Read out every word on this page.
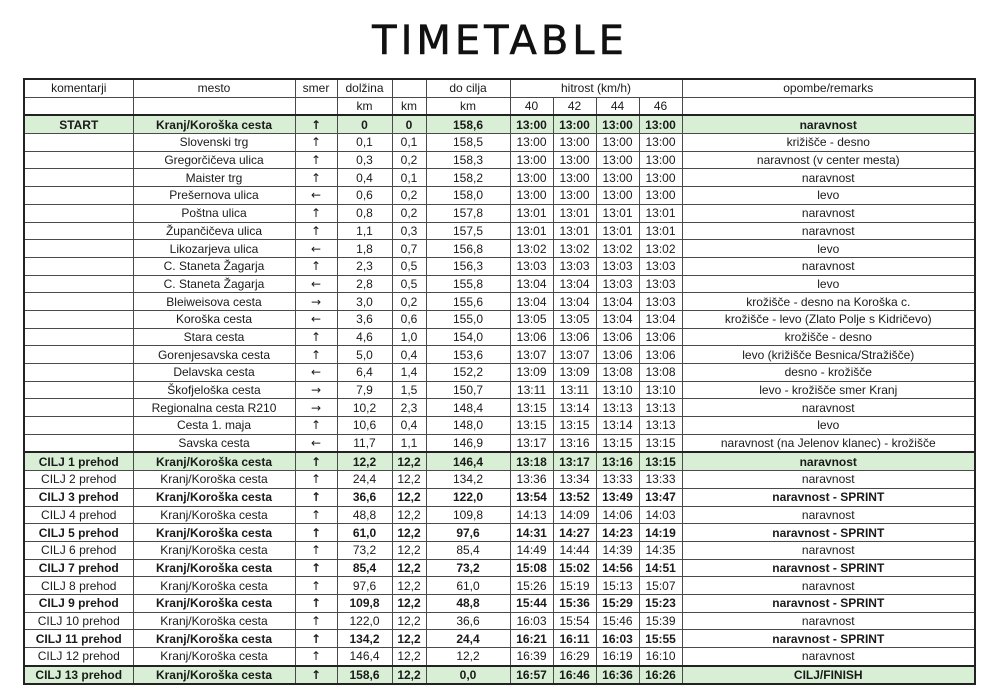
TIMETABLE
komentarji	mesto	smer	dolžina		do cilja	hitrost (km/h)				opombe/remarks
			km	km	km	40	42	44	46	
START	Kranj/Koroška cesta	↑	0	0	158,6	13:00	13:00	13:00	13:00	naravnost
	Slovenski trg	↑	0,1	0,1	158,5	13:00	13:00	13:00	13:00	križišče - desno
	Gregorčičeva ulica	↑	0,3	0,2	158,3	13:00	13:00	13:00	13:00	naravnost (v center mesta)
	Maister trg	↑	0,4	0,1	158,2	13:00	13:00	13:00	13:00	naravnost
	Prešernova ulica	←	0,6	0,2	158,0	13:00	13:00	13:00	13:00	levo
	Poštna ulica	↑	0,8	0,2	157,8	13:01	13:01	13:01	13:01	naravnost
	Župančičeva ulica	↑	1,1	0,3	157,5	13:01	13:01	13:01	13:01	naravnost
	Likozarjeva ulica	←	1,8	0,7	156,8	13:02	13:02	13:02	13:02	levo
	C. Staneta Žagarja	↑	2,3	0,5	156,3	13:03	13:03	13:03	13:03	naravnost
	C. Staneta Žagarja	←	2,8	0,5	155,8	13:04	13:04	13:03	13:03	levo
	Bleiweisova cesta	→	3,0	0,2	155,6	13:04	13:04	13:04	13:03	krožišče - desno na Koroška c.
	Koroška cesta	←	3,6	0,6	155,0	13:05	13:05	13:04	13:04	krožišče - levo (Zlato Polje s Kidričevo)
	Stara cesta	↑	4,6	1,0	154,0	13:06	13:06	13:06	13:06	krožišče - desno
	Gorenjesavska cesta	↑	5,0	0,4	153,6	13:07	13:07	13:06	13:06	levo (križišče Besnica/Stražišče)
	Delavska cesta	←	6,4	1,4	152,2	13:09	13:09	13:08	13:08	desno - krožišče
	Škofjeloška cesta	→	7,9	1,5	150,7	13:11	13:11	13:10	13:10	levo - krožišče smer Kranj
	Regionalna cesta R210	→	10,2	2,3	148,4	13:15	13:14	13:13	13:13	naravnost
	Cesta 1. maja	↑	10,6	0,4	148,0	13:15	13:15	13:14	13:13	levo
	Savska cesta	←	11,7	1,1	146,9	13:17	13:16	13:15	13:15	naravnost (na Jelenov klanec) - krožišče
CILJ 1 prehod	Kranj/Koroška cesta	↑	12,2	12,2	146,4	13:18	13:17	13:16	13:15	naravnost
CILJ 2 prehod	Kranj/Koroška cesta	↑	24,4	12,2	134,2	13:36	13:34	13:33	13:33	naravnost
CILJ 3 prehod	Kranj/Koroška cesta	↑	36,6	12,2	122,0	13:54	13:52	13:49	13:47	naravnost - SPRINT
CILJ 4 prehod	Kranj/Koroška cesta	↑	48,8	12,2	109,8	14:13	14:09	14:06	14:03	naravnost
CILJ 5 prehod	Kranj/Koroška cesta	↑	61,0	12,2	97,6	14:31	14:27	14:23	14:19	naravnost - SPRINT
CILJ 6 prehod	Kranj/Koroška cesta	↑	73,2	12,2	85,4	14:49	14:44	14:39	14:35	naravnost
CILJ 7 prehod	Kranj/Koroška cesta	↑	85,4	12,2	73,2	15:08	15:02	14:56	14:51	naravnost - SPRINT
CILJ 8 prehod	Kranj/Koroška cesta	↑	97,6	12,2	61,0	15:26	15:19	15:13	15:07	naravnost
CILJ 9 prehod	Kranj/Koroška cesta	↑	109,8	12,2	48,8	15:44	15:36	15:29	15:23	naravnost - SPRINT
CILJ 10 prehod	Kranj/Koroška cesta	↑	122,0	12,2	36,6	16:03	15:54	15:46	15:39	naravnost
CILJ 11 prehod	Kranj/Koroška cesta	↑	134,2	12,2	24,4	16:21	16:11	16:03	15:55	naravnost - SPRINT
CILJ 12 prehod	Kranj/Koroška cesta	↑	146,4	12,2	12,2	16:39	16:29	16:19	16:10	naravnost
CILJ 13 prehod	Kranj/Koroška cesta	↑	158,6	12,2	0,0	16:57	16:46	16:36	16:26	CILJ/FINISH
